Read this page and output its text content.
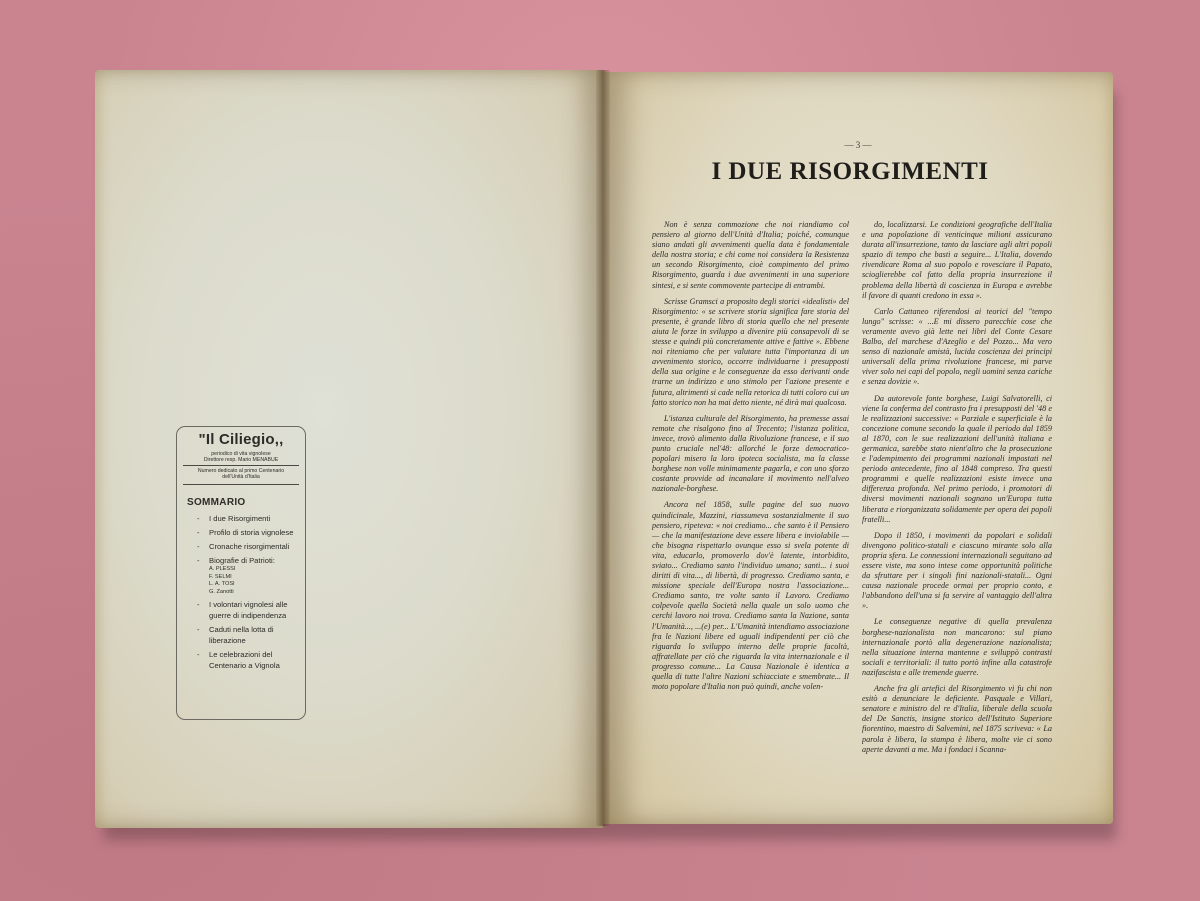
"Il Ciliegio,,
periodico di vita vignolese
Direttore resp. Mario MENABUE
Numero dedicato al primo Centenario
dell'Unità d'Italia
SOMMARIO
- I due Risorgimenti
- Profilo di storia vignolese
- Cronache risorgimentali
- Biografie di Patrioti:
A. PLESSI
F. SELMI
L. A. TOSI
G. Zanotti
- I volontari vignolesi alle guerre di indipendenza
- Caduti nella lotta di liberazione
- Le celebrazioni del Centenario a Vignola
— 3 —
I DUE RISORGIMENTI

Non è senza commozione che noi riandiamo col pensiero al giorno dell'Unità d'Italia; poiché, comunque siano andati gli avvenimenti quella data è fondamentale della nostra storia; e chi come noi considera la Resistenza un secondo Risorgimento, cioè compimento del primo Risorgimento, guarda i due avvenimenti in una superiore sintesi, e si sente commovente partecipe di entrambi.

Scrisse Gramsci a proposito degli storici «idealisti» del Risorgimento: « se scrivere storia significa fare storia del presente, è grande libro di storia quello che nel presente aiuta le forze in sviluppo a divenire più consapevoli di se stesse e quindi più concretamente attive e fattive ». Ebbene noi riteniamo che per valutare tutta l'importanza di un avvenimento storico, occorre individuarne i presupposti della sua origine e le conseguenze da esso derivanti onde trarne un indirizzo e uno stimolo per l'azione presente e futura, altrimenti si cade nella retorica di tutti coloro cui un fatto storico non ha mai detto niente, né dirà mai qualcosa.

L'istanza culturale del Risorgimento, ha premesse assai remote che risalgono fino al Trecento; l'istanza politica, invece, trovò alimento dalla Rivoluzione francese, e il suo punto cruciale nel'48: allorché le forze democratico-popolari misero la loro ipoteca socialista, ma la classe borghese non volle minimamente pagarla, e con uno sforzo costante provvide ad incanalare il movimento nell'alveo nazionale-borghese.

Ancora nel 1858, sulle pagine del suo nuovo quindicinale, Mazzini, riassumeva sostanzialmente il suo pensiero, ripeteva: « noi crediamo... che santo è il Pensiero — che la manifestazione deve essere libera e inviolabile — che bisogna rispettarlo ovunque esso si svela potente di vita, educarlo, promoverlo dov'è latente, intorbidito, sviato... Crediamo santo l'individuo umano; santi... i suoi diritti di vita..., di libertà, di progresso. Crediamo santa, e missione speciale dell'Europa nostra l'associazione... Crediamo santo, tre volte santo il Lavoro. Crediamo colpevole quella Società nella quale un solo uomo che cerchi lavoro noi trova. Crediamo santa la Nazione, santa l'Umanità..., ...(e) per... L'Umanità intendiamo associazione fra le Nazioni libere ed uguali indipendenti per ciò che riguarda lo sviluppo interno delle proprie facoltà, affratellate per ciò che riguarda la vita internazionale e il progresso comune... La Causa Nazionale è identica a quella di tutte l'altre Nazioni schiacciate e smembrate... Il moto popolare d'Italia non può quindi, anche volen-

do, localizzarsi. Le condizioni geografiche dell'Italia e una popolazione di venticinque milioni assicurano durata all'insurrezione, tanto da lasciare agli altri popoli spazio di tempo che basti a seguire... L'Italia, dovendo rivendicare Roma al suo popolo e rovesciare il Papato, scioglierebbe col fatto della propria insurrezione il problema della libertà di coscienza in Europa e avrebbe il favore di quanti credono in essa ».

Carlo Cattaneo riferendosi ai teorici del "tempo lungo" scrisse: « ...E mi dissero parecchie cose che veramente avevo già lette nei libri del Conte Cesare Balbo, del marchese d'Azeglio e del Pozzo... Ma vero senso di nazionale amistà, lucida coscienza dei principi universali della prima rivoluzione francese, mi parve viver solo nei capi del popolo, negli uomini senza cariche e senza dovizie ».

Da autorevole fonte borghese, Luigi Salvatorelli, ci viene la conferma del contrasto fra i presupposti del '48 e le realizzazioni successive: « Parziale e superficiale è la concezione comune secondo la quale il periodo dal 1859 al 1870, con le sue realizzazioni dell'unità italiana e germanica, sarebbe stato nient'altro che la prosecuzione e l'adempimento dei programmi nazionali impostati nel periodo antecedente, fino al 1848 compreso. Tra questi programmi e quelle realizzazioni esiste invece una differenza profonda. Nel primo periodo, i promotori di diversi movimenti nazionali sognano un'Europa tutta liberata e riorganizzata solidamente per opera dei popoli fratelli...

Dopo il 1850, i movimenti da popolari e solidali divengono politico-statali e ciascuno mirante solo alla propria sfera. Le connessioni internazionali seguitano ad essere viste, ma sono intese come opportunità politiche da sfruttare per i singoli fini nazionali-statali... Ogni causa nazionale procede ormai per proprio conto, e l'abbandono dell'una si fa servire al vantaggio dell'altra ».

Le conseguenze negative di quella prevalenza borghese-nazionalista non mancarono: sul piano internazionale portò alla degenerazione nazionalista; nella situazione interna mantenne e sviluppò contrasti sociali e territoriali: il tutto portò infine alla catastrofe nazifascista e alle tremende guerre.

Anche fra gli artefici del Risorgimento vi fu chi non esitò a denunciare le deficiente. Pasquale e Villari, senatore e ministro del re d'Italia, liberale della scuola del De Sanctis, insigne storico dell'Istituto Superiore fiorentino, maestro di Salvemini, nel 1875 scriveva: « La parola è libera, la stampa è libera, molte vie ci sono aperte davanti a me. Ma i fondaci i Scanna-
